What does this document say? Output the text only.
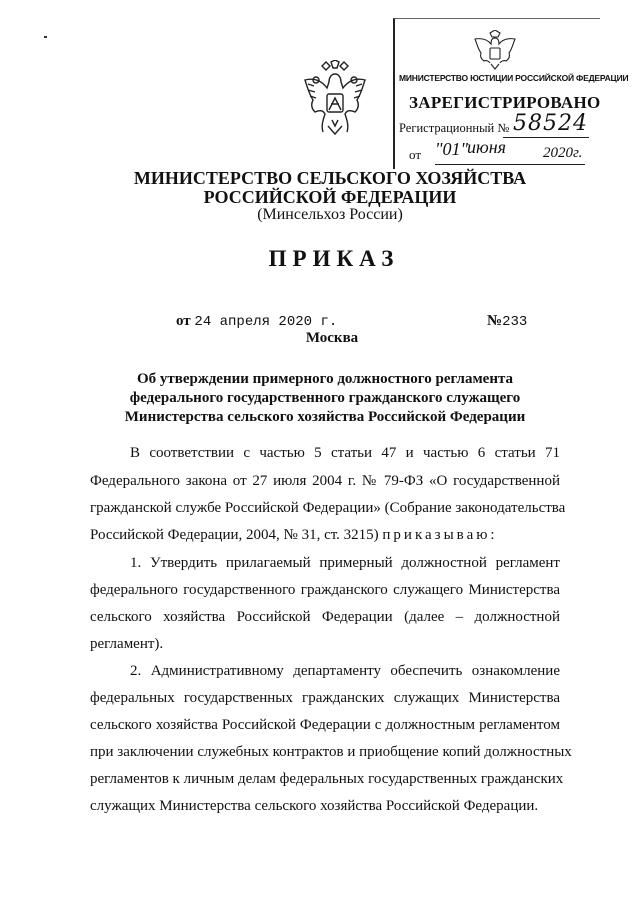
МИНИСТЕРСТВО ЮСТИЦИИ РОССИЙСКОЙ ФЕДЕРАЦИИ
ЗАРЕГИСТРИРОВАНО
Регистрационный № 58524
от "01"
июня 2020г.
МИНИСТЕРСТВО СЕЛЬСКОГО ХОЗЯЙСТВА
РОССИЙСКОЙ ФЕДЕРАЦИИ
(Минсельхоз России)
ПРИКАЗ
от 24 апреля 2020 г.	№233
Москва
Об утверждении примерного должностного регламента
федерального государственного гражданского служащего
Министерства сельского хозяйства Российской Федерации
В соответствии с частью 5 статьи 47 и частью 6 статьи 71
Федерального закона от 27 июля 2004 г. № 79-ФЗ «О государственной
гражданской службе Российской Федерации» (Собрание законодательства
Российской Федерации, 2004, № 31, ст. 3215) приказываю:
1. Утвердить прилагаемый примерный должностной регламент
федерального государственного гражданского служащего Министерства
сельского хозяйства Российской Федерации (далее – должностной
регламент).
2. Административному департаменту обеспечить ознакомление
федеральных государственных гражданских служащих Министерства
сельского хозяйства Российской Федерации с должностным регламентом
при заключении служебных контрактов и приобщение копий должностных
регламентов к личным делам федеральных государственных гражданских
служащих Министерства сельского хозяйства Российской Федерации.
